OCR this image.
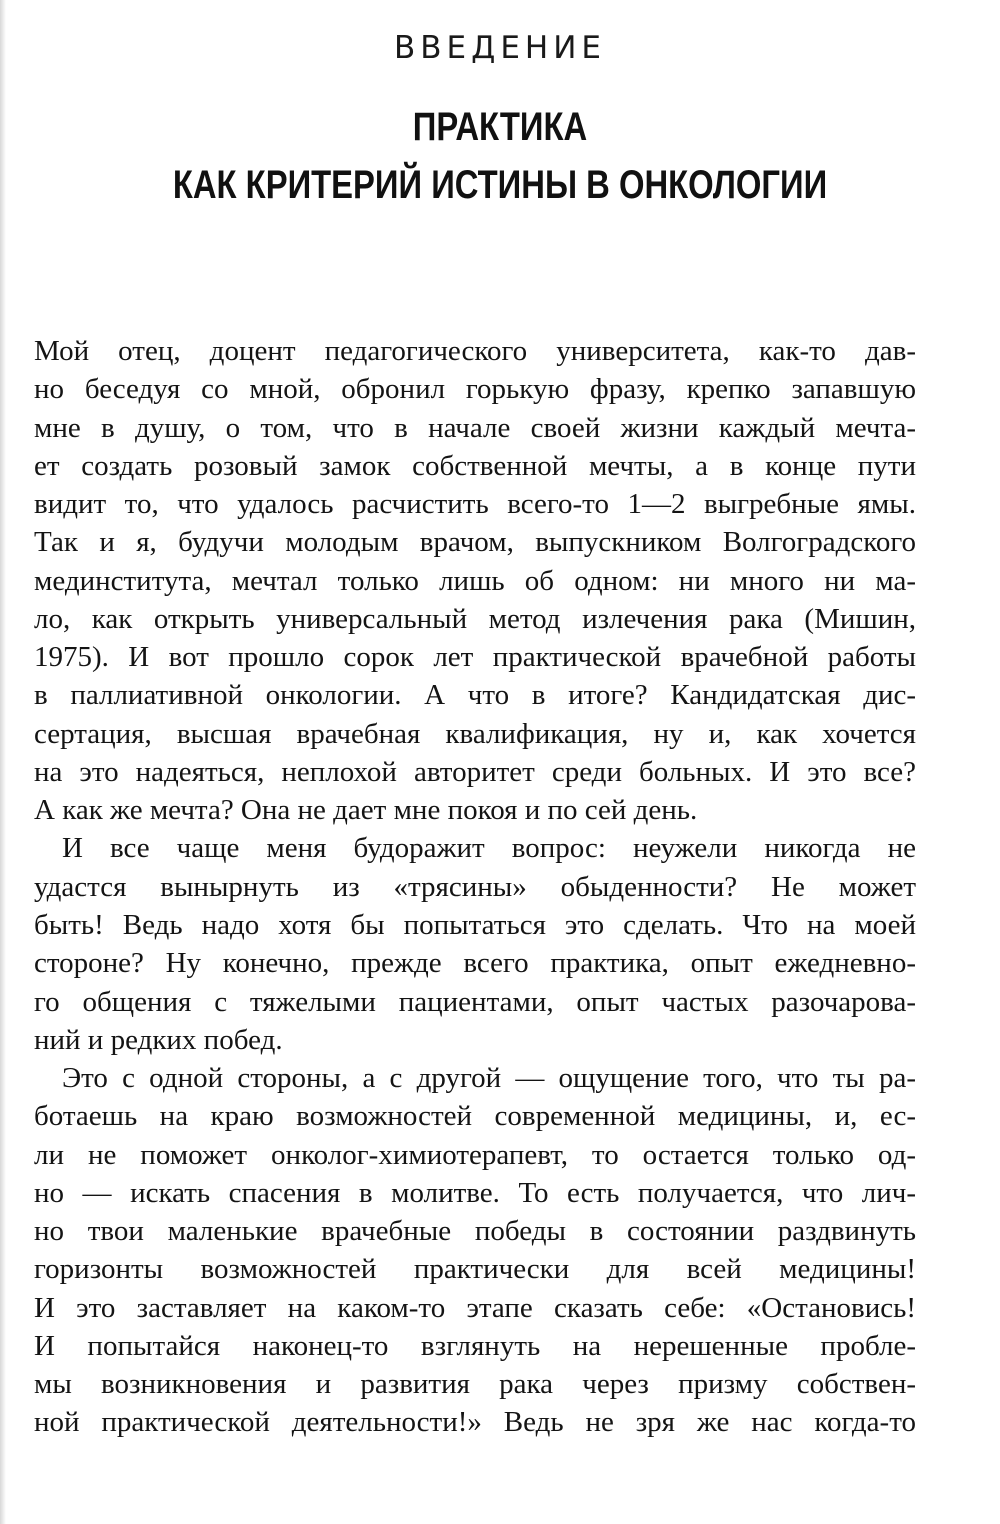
ВВЕДЕНИЕ
ПРАКТИКА
КАК КРИТЕРИЙ ИСТИНЫ В ОНКОЛОГИИ

Мой отец, доцент педагогического университета, как-то дав-
но беседуя со мной, обронил горькую фразу, крепко запавшую
мне в душу, о том, что в начале своей жизни каждый мечта-
ет создать розовый замок собственной мечты, а в конце пути
видит то, что удалось расчистить всего-то 1—2 выгребные ямы.
Так и я, будучи молодым врачом, выпускником Волгоградского
мединститута, мечтал только лишь об одном: ни много ни ма-
ло, как открыть универсальный метод излечения рака (Мишин,
1975). И вот прошло сорок лет практической врачебной работы
в паллиативной онкологии. А что в итоге? Кандидатская дис-
сертация, высшая врачебная квалификация, ну и, как хочется
на это надеяться, неплохой авторитет среди больных. И это все?
А как же мечта? Она не дает мне покоя и по сей день.

И все чаще меня будоражит вопрос: неужели никогда не
удастся вынырнуть из «трясины» обыденности? Не может
быть! Ведь надо хотя бы попытаться это сделать. Что на моей
стороне? Ну конечно, прежде всего практика, опыт ежедневно-
го общения с тяжелыми пациентами, опыт частых разочарова-
ний и редких побед.

Это с одной стороны, а с другой — ощущение того, что ты ра-
ботаешь на краю возможностей современной медицины, и, ес-
ли не поможет онколог-химиотерапевт, то остается только од-
но — искать спасения в молитве. То есть получается, что лич-
но твои маленькие врачебные победы в состоянии раздвинуть
горизонты возможностей практически для всей медицины!
И это заставляет на каком-то этапе сказать себе: «Остановись!
И попытайся наконец-то взглянуть на нерешенные пробле-
мы возникновения и развития рака через призму собствен-
ной практической деятельности!» Ведь не зря же нас когда-то
